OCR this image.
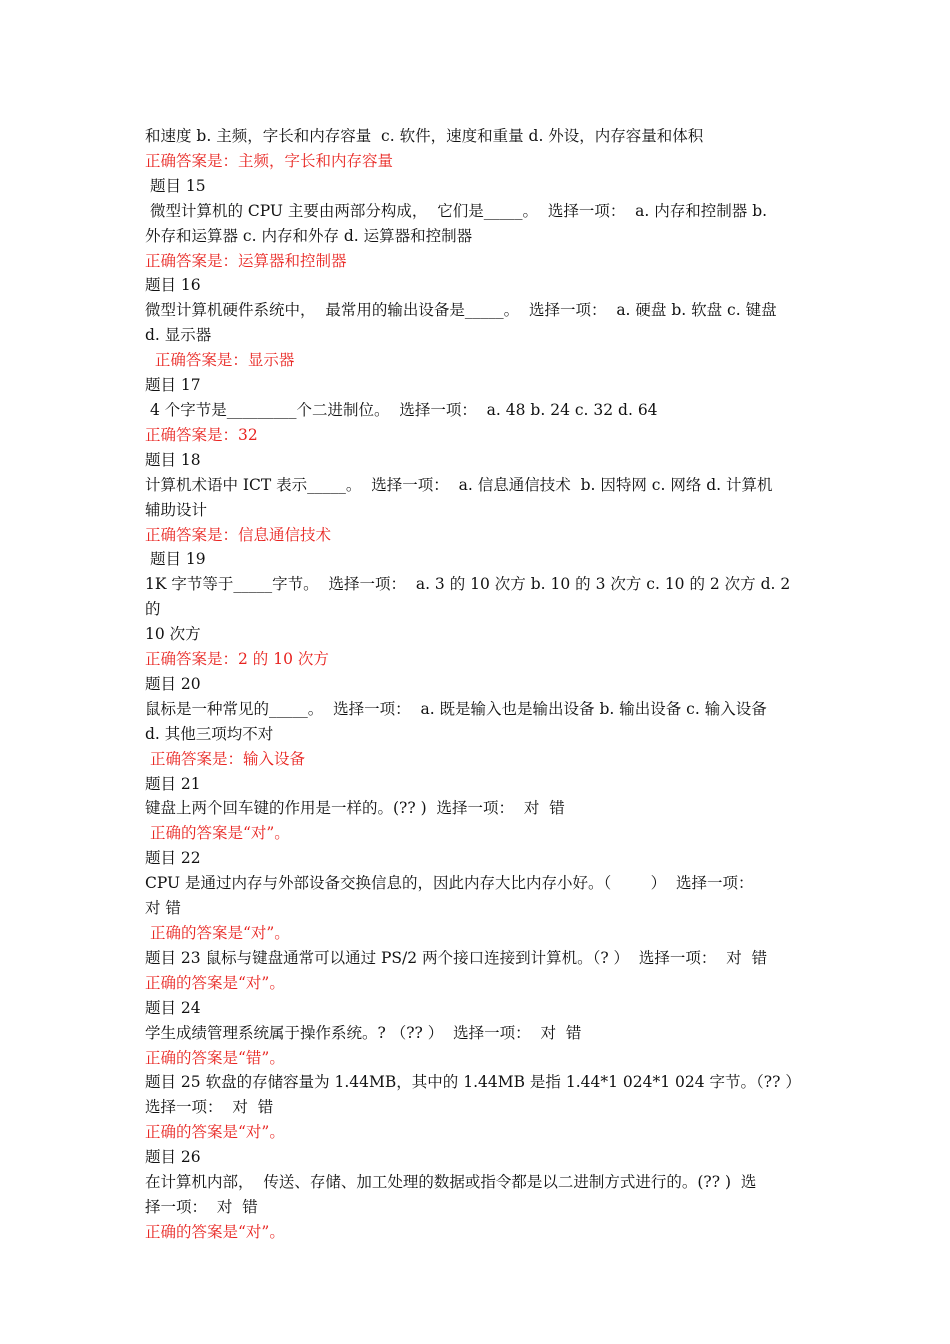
和速度 b. 主频，字长和内存容量  c. 软件，速度和重量 d. 外设，内存容量和体积

正确答案是：主频，字长和内存容量

题目 15

微型计算机的 CPU 主要由两部分构成，  它们是_____。  选择一项：  a. 内存和控制器 b.

外存和运算器 c. 内存和外存 d. 运算器和控制器

正确答案是：运算器和控制器

题目 16

微型计算机硬件系统中，  最常用的输出设备是_____。  选择一项：  a. 硬盘 b. 软盘 c. 键盘

d. 显示器

正确答案是：显示器

题目 17

4 个字节是_________个二进制位。  选择一项：  a. 48 b. 24 c. 32 d. 64

正确答案是：32

题目 18

计算机术语中 ICT 表示_____。  选择一项：  a. 信息通信技术  b. 因特网 c. 网络 d. 计算机

辅助设计

正确答案是：信息通信技术

题目 19

1K 字节等于_____字节。  选择一项：  a. 3 的 10 次方 b. 10 的 3 次方 c. 10 的 2 次方 d. 2 的

10 次方

正确答案是：2 的 10 次方

题目 20

鼠标是一种常见的_____。  选择一项：  a. 既是输入也是输出设备 b. 输出设备 c. 输入设备

d. 其他三项均不对

正确答案是：输入设备

题目 21

键盘上两个回车键的作用是一样的。(?? )  选择一项：  对  错

正确的答案是“对”。

题目 22

CPU 是通过内存与外部设备交换信息的，因此内存大比内存小好。（        ）  选择一项：

对 错

正确的答案是“对”。

题目 23 鼠标与键盘通常可以通过 PS/2 两个接口连接到计算机。（? ）  选择一项：  对  错

正确的答案是“对”。

题目 24

学生成绩管理系统属于操作系统。? （?? ）  选择一项：  对  错

正确的答案是“错”。

题目 25 软盘的存储容量为 1.44MB，其中的 1.44MB 是指 1.44*1 024*1 024 字节。（?? ）

选择一项：  对  错

正确的答案是“对”。

题目 26

在计算机内部，  传送、存储、加工处理的数据或指令都是以二进制方式进行的。(?? )  选

择一项：  对  错

正确的答案是“对”。
